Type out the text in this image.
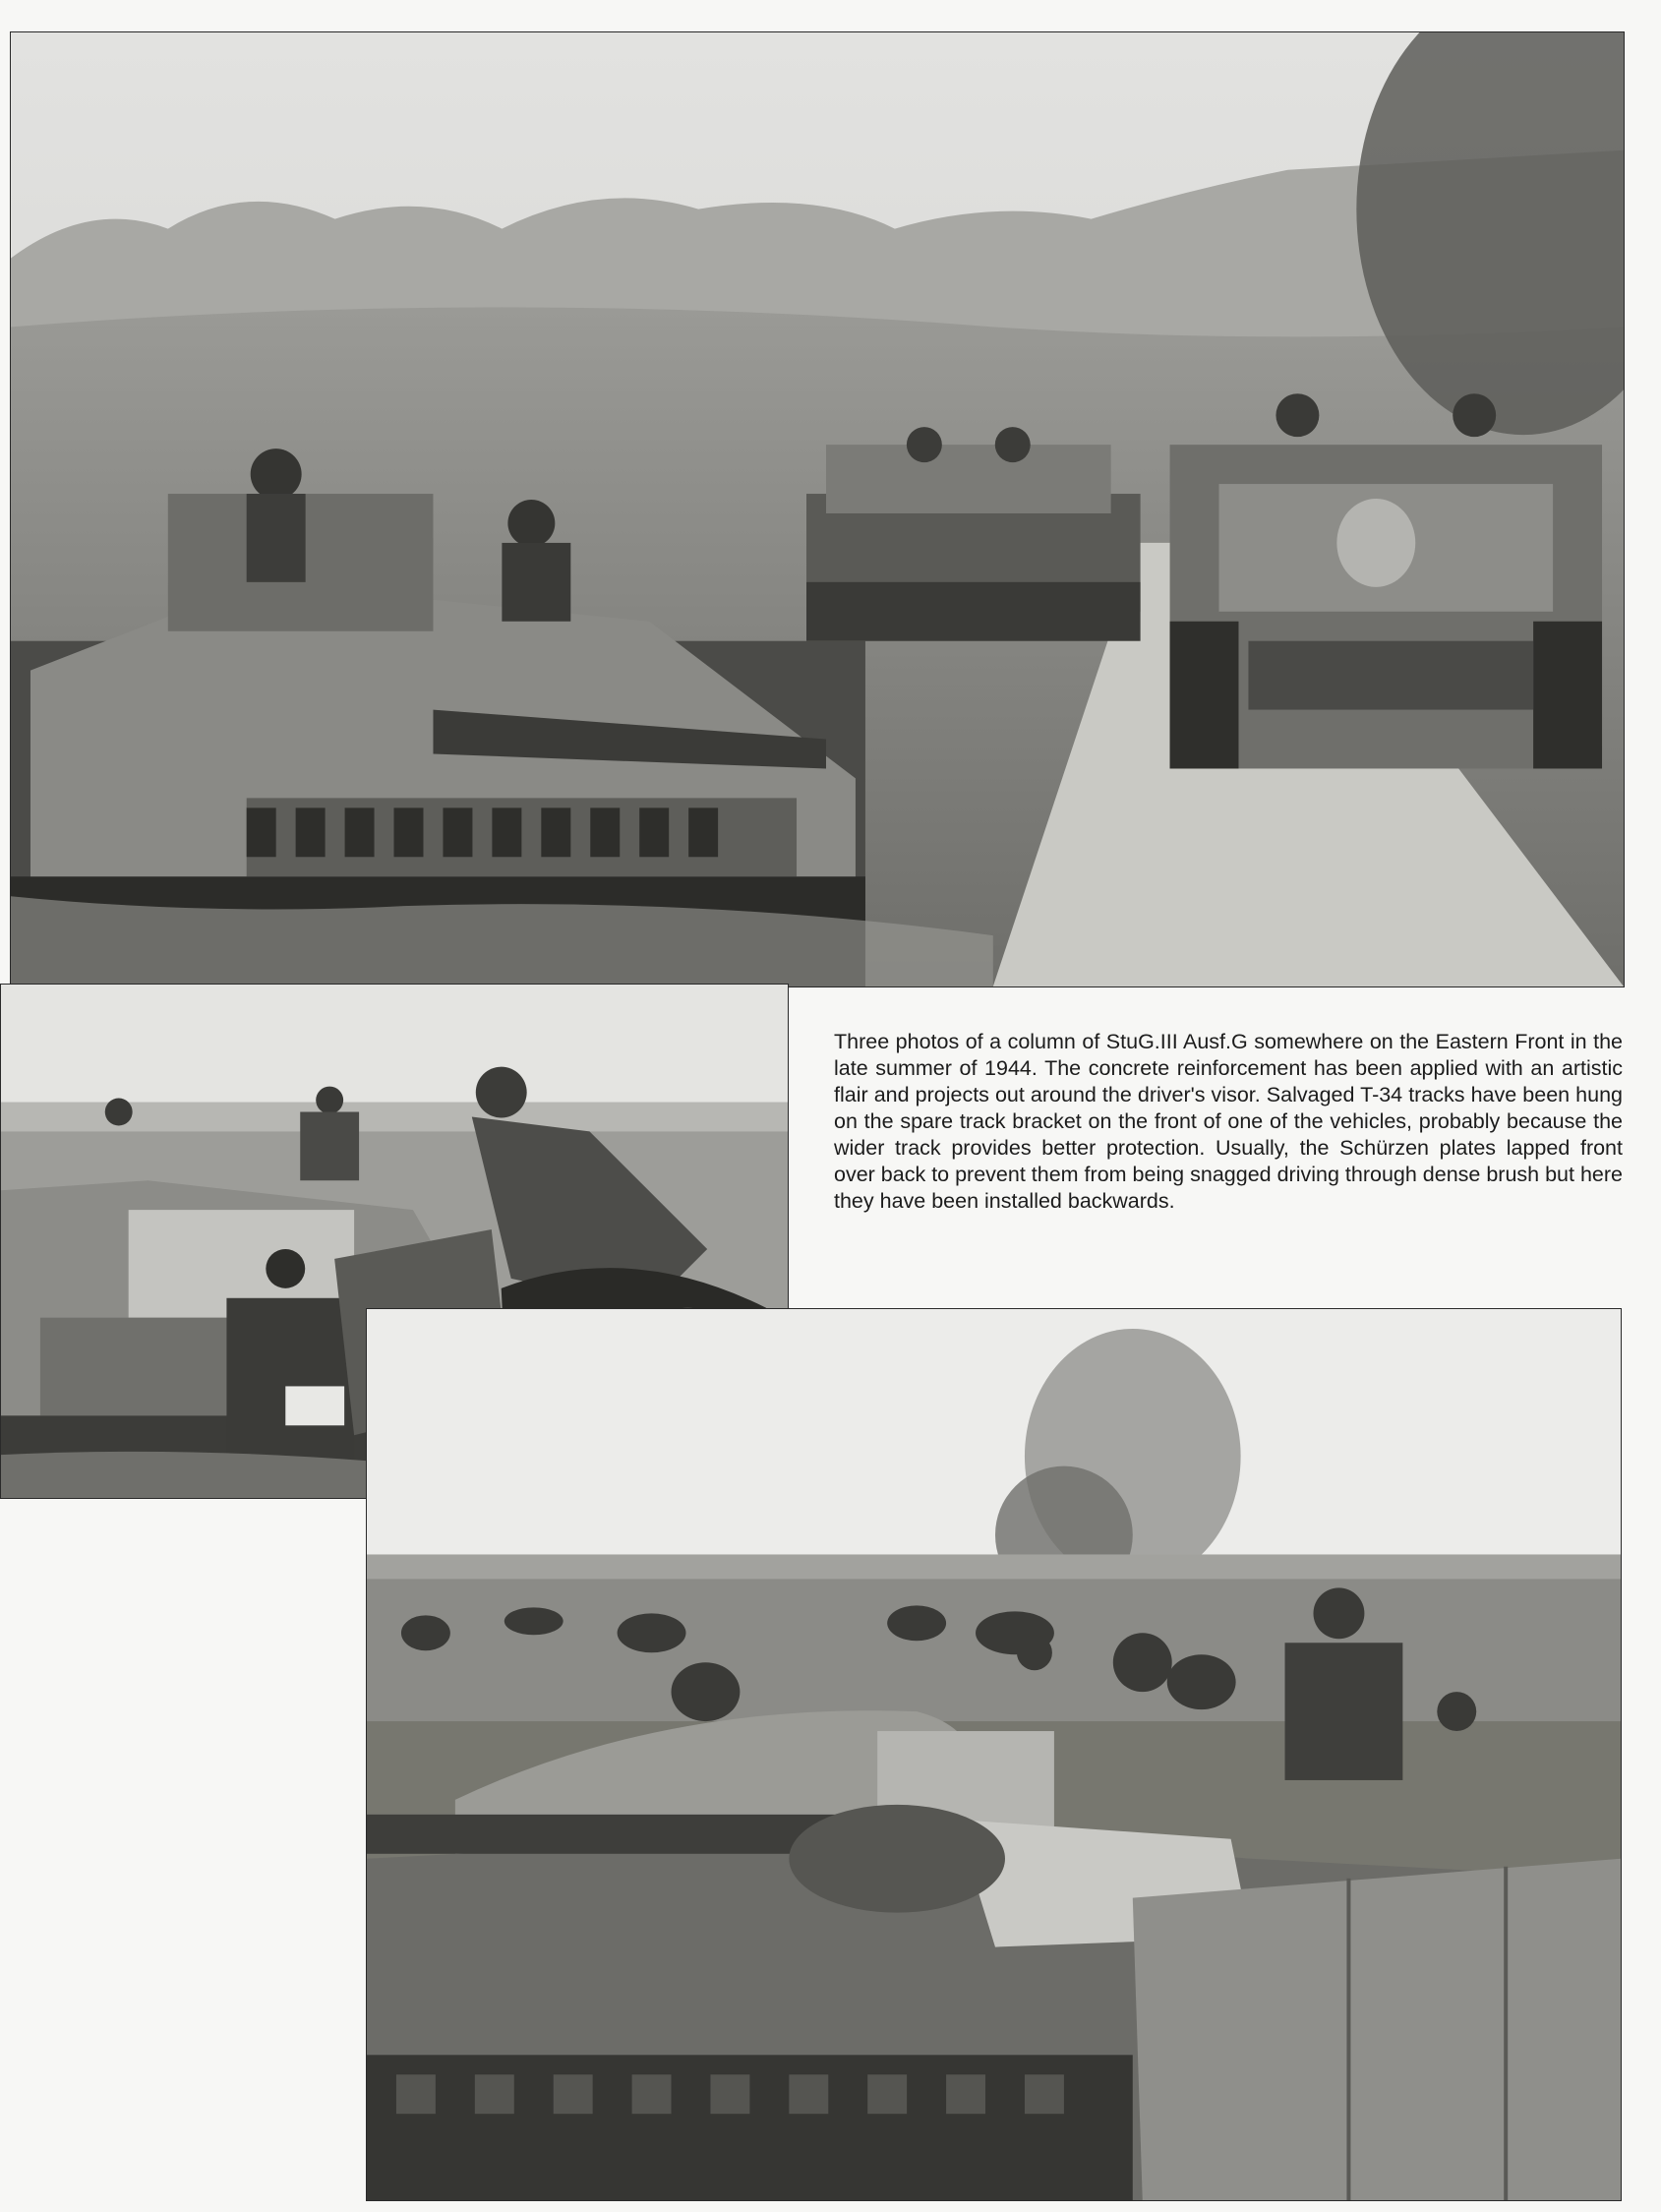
Three photos of a column of StuG.III Ausf.G somewhere on the Eastern Front in the late summer of 1944. The concrete reinforcement has been applied with an artistic flair and projects out around the driver's visor. Salvaged T-34 tracks have been hung on the spare track bracket on the front of one of the vehicles, probably because the wider track provides better protection. Usually, the Schürzen plates lapped front over back to prevent them from being snagged driving through dense brush but here they have been installed backwards.
